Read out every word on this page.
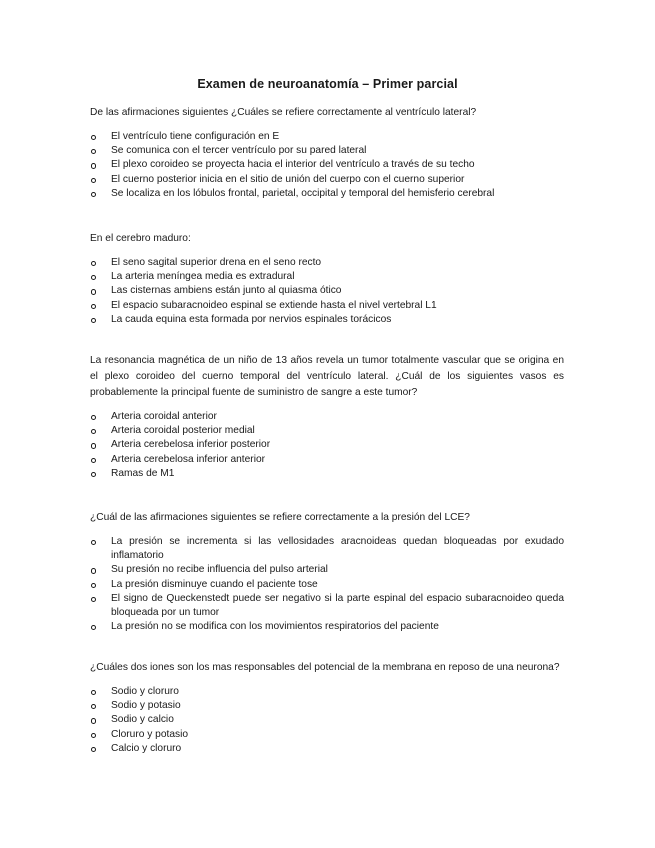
Examen de neuroanatomía – Primer parcial

De las afirmaciones siguientes ¿Cuáles se refiere correctamente al ventrículo lateral?

El ventrículo tiene configuración en E
Se comunica con el tercer ventrículo por su pared lateral
El plexo coroideo se proyecta hacia el interior del ventrículo a través de su techo
El cuerno posterior inicia en el sitio de unión del cuerpo con el cuerno superior
Se localiza en los lóbulos frontal, parietal, occipital y temporal del hemisferio cerebral

En el cerebro maduro:

El seno sagital superior drena en el seno recto
La arteria meníngea media es extradural
Las cisternas ambiens están junto al quiasma ótico
El espacio subaracnoideo espinal se extiende hasta el nivel vertebral L1
La cauda equina esta formada por nervios espinales torácicos

La resonancia magnética de un niño de 13 años revela un tumor totalmente vascular que se origina en el plexo coroideo del cuerno temporal del ventrículo lateral. ¿Cuál de los siguientes vasos es probablemente la principal fuente de suministro de sangre a este tumor?

Arteria coroidal anterior
Arteria coroidal posterior medial
Arteria cerebelosa inferior posterior
Arteria cerebelosa inferior anterior
Ramas de M1

¿Cuál de las afirmaciones siguientes se refiere correctamente a la presión del LCE?

La presión se incrementa si las vellosidades aracnoideas quedan bloqueadas por exudado inflamatorio
Su presión no recibe influencia del pulso arterial
La presión disminuye cuando el paciente tose
El signo de Queckenstedt puede ser negativo si la parte espinal del espacio subaracnoideo queda bloqueada por un tumor
La presión no se modifica con los movimientos respiratorios del paciente

¿Cuáles dos iones son los mas responsables del potencial de la membrana en reposo de una neurona?

Sodio y cloruro
Sodio y potasio
Sodio y calcio
Cloruro y potasio
Calcio y cloruro
